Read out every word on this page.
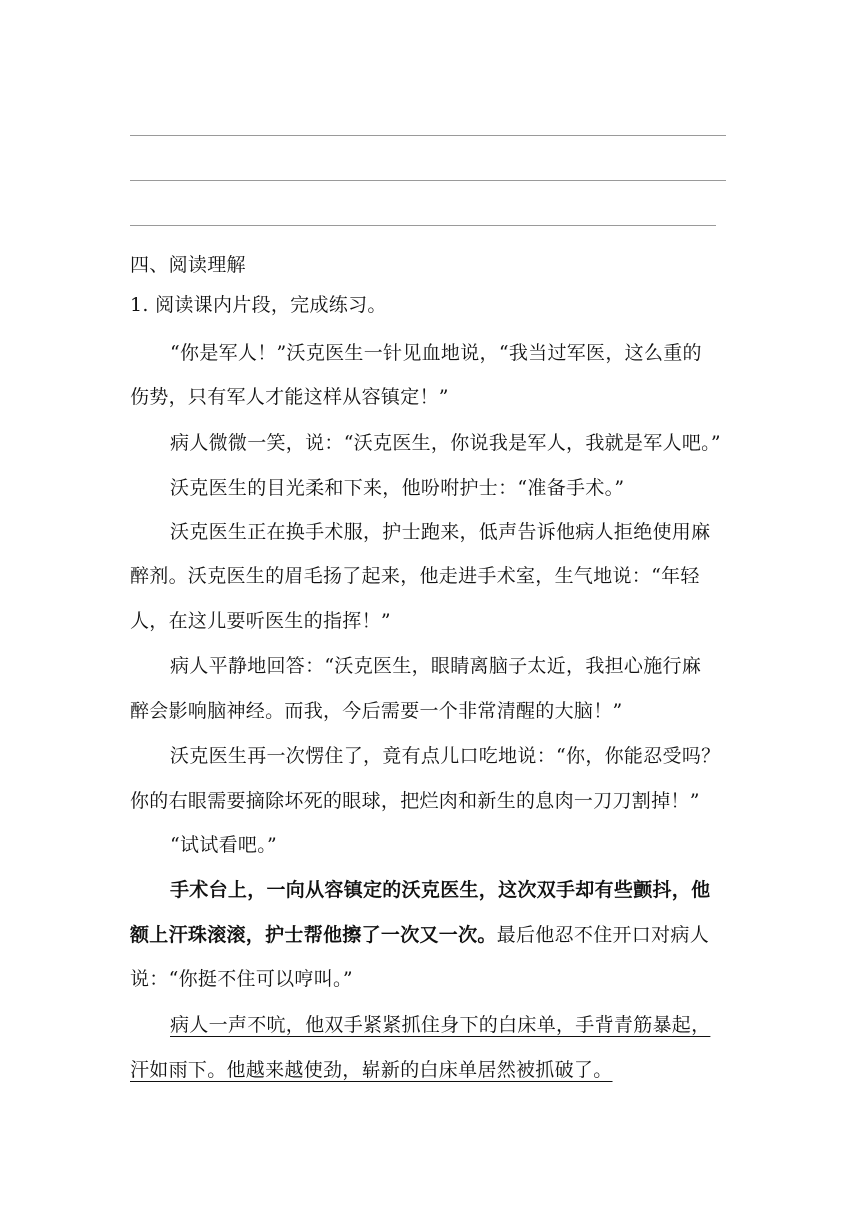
四、阅读理解
1. 阅读课内片段，完成练习。
“你是军人！”沃克医生一针见血地说，“我当过军医，这么重的
伤势，只有军人才能这样从容镇定！”
病人微微一笑，说：“沃克医生，你说我是军人，我就是军人吧。”
沃克医生的目光柔和下来，他吩咐护士：“准备手术。”
沃克医生正在换手术服，护士跑来，低声告诉他病人拒绝使用麻
醉剂。沃克医生的眉毛扬了起来，他走进手术室，生气地说：“年轻
人，在这儿要听医生的指挥！”
病人平静地回答：“沃克医生，眼睛离脑子太近，我担心施行麻
醉会影响脑神经。而我，今后需要一个非常清醒的大脑！”
沃克医生再一次愣住了，竟有点儿口吃地说：“你，你能忍受吗？
你的右眼需要摘除坏死的眼球，把烂肉和新生的息肉一刀刀割掉！”
“试试看吧。”
手术台上，一向从容镇定的沃克医生，这次双手却有些颤抖，他
额上汗珠滚滚，护士帮他擦了一次又一次。最后他忍不住开口对病人
说：“你挺不住可以哼叫。”
病人一声不吭，他双手紧紧抓住身下的白床单，手背青筋暴起，
汗如雨下。他越来越使劲，崭新的白床单居然被抓破了。
